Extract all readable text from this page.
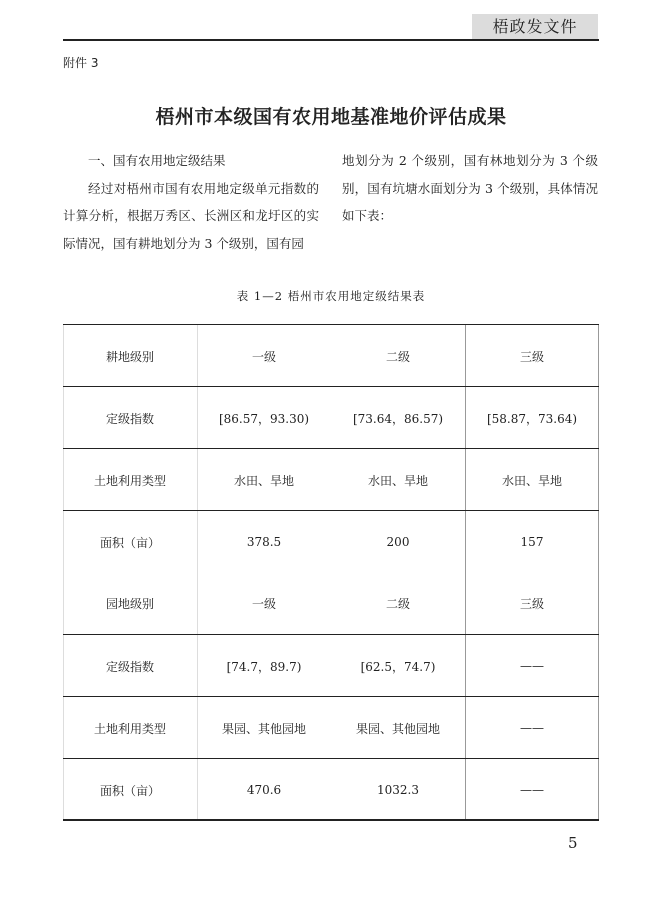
梧政发文件
附件 3
梧州市本级国有农用地基准地价评估成果

一、国有农用地定级结果

经过对梧州市国有农用地定级单元指数的计算分析，根据万秀区、长洲区和龙圩区的实际情况，国有耕地划分为 3 个级别，国有园

地划分为 2 个级别，国有林地划分为 3 个级别，国有坑塘水面划分为 3 个级别，具体情况如下表：

表 1—2 梧州市农用地定级结果表
耕地级别	一级	二级	三级
定级指数	[86.57，93.30)	[73.64，86.57)	[58.87，73.64)
土地利用类型	水田、旱地	水田、旱地	水田、旱地
面积（亩）	378.5	200	157
园地级别	一级	二级	三级
定级指数	[74.7，89.7)	[62.5，74.7)	——
土地利用类型	果园、其他园地	果园、其他园地	——
面积（亩）	470.6	1032.3	——
5
